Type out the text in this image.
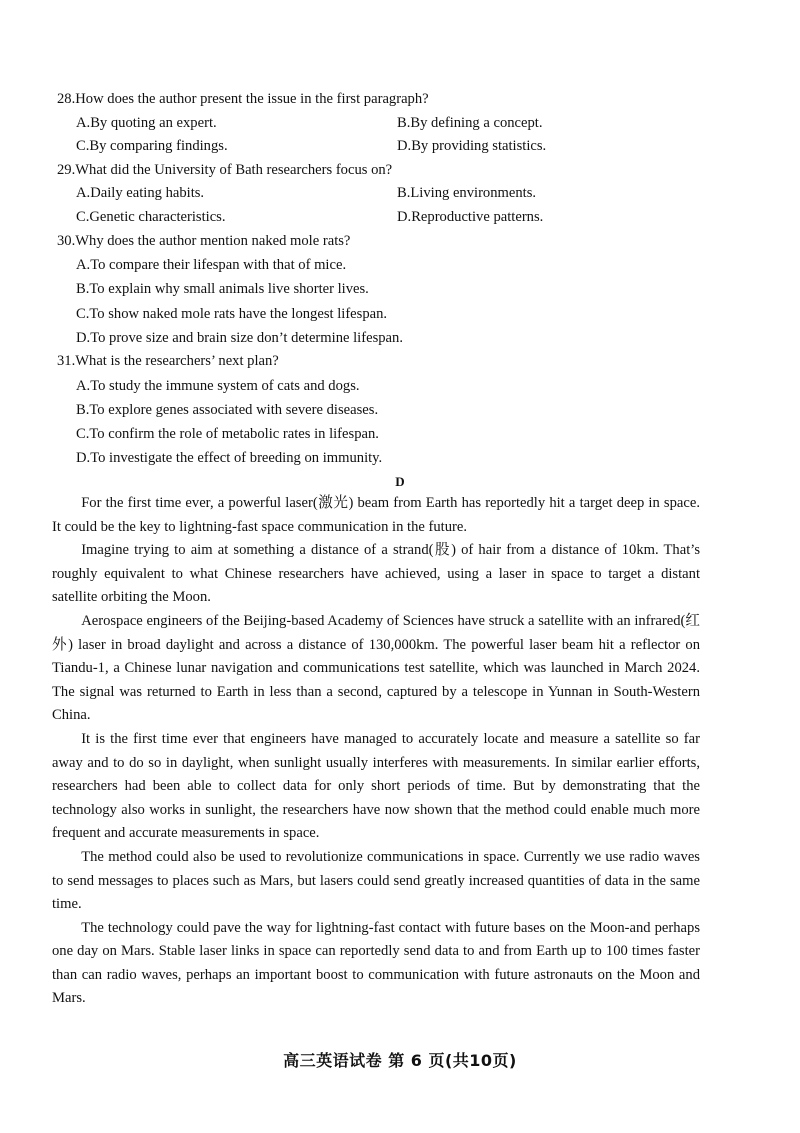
28.How does the author present the issue in the first paragraph?
A.By quoting an expert.	B.By defining a concept.
C.By comparing findings.	D.By providing statistics.
29.What did the University of Bath researchers focus on?
A.Daily eating habits.	B.Living environments.
C.Genetic characteristics.	D.Reproductive patterns.
30.Why does the author mention naked mole rats?
A.To compare their lifespan with that of mice.
B.To explain why small animals live shorter lives.
C.To show naked mole rats have the longest lifespan.
D.To prove size and brain size don’t determine lifespan.
31.What is the researchers’ next plan?
A.To study the immune system of cats and dogs.
B.To explore genes associated with severe diseases.
C.To confirm the role of metabolic rates in lifespan.
D.To investigate the effect of breeding on immunity.
D

For the first time ever, a powerful laser(激光) beam from Earth has reportedly hit a target deep in space. It could be the key to lightning-fast space communication in the future.

Imagine trying to aim at something a distance of a strand(股) of hair from a distance of 10km. That’s roughly equivalent to what Chinese researchers have achieved, using a laser in space to target a distant satellite orbiting the Moon.

Aerospace engineers of the Beijing-based Academy of Sciences have struck a satellite with an infrared(红外) laser in broad daylight and across a distance of 130,000km. The powerful laser beam hit a reflector on Tiandu-1, a Chinese lunar navigation and communications test satellite, which was launched in March 2024. The signal was returned to Earth in less than a second, captured by a telescope in Yunnan in South-Western China.

It is the first time ever that engineers have managed to accurately locate and measure a satellite so far away and to do so in daylight, when sunlight usually interferes with measurements. In similar earlier efforts, researchers had been able to collect data for only short periods of time. But by demonstrating that the technology also works in sunlight, the researchers have now shown that the method could enable much more frequent and accurate measurements in space.

The method could also be used to revolutionize communications in space. Currently we use radio waves to send messages to places such as Mars, but lasers could send greatly increased quantities of data in the same time.

The technology could pave the way for lightning-fast contact with future bases on the Moon-and perhaps one day on Mars. Stable laser links in space can reportedly send data to and from Earth up to 100 times faster than can radio waves, perhaps an important boost to communication with future astronauts on the Moon and Mars.

高三英语试卷 第 6 页(共10页)
